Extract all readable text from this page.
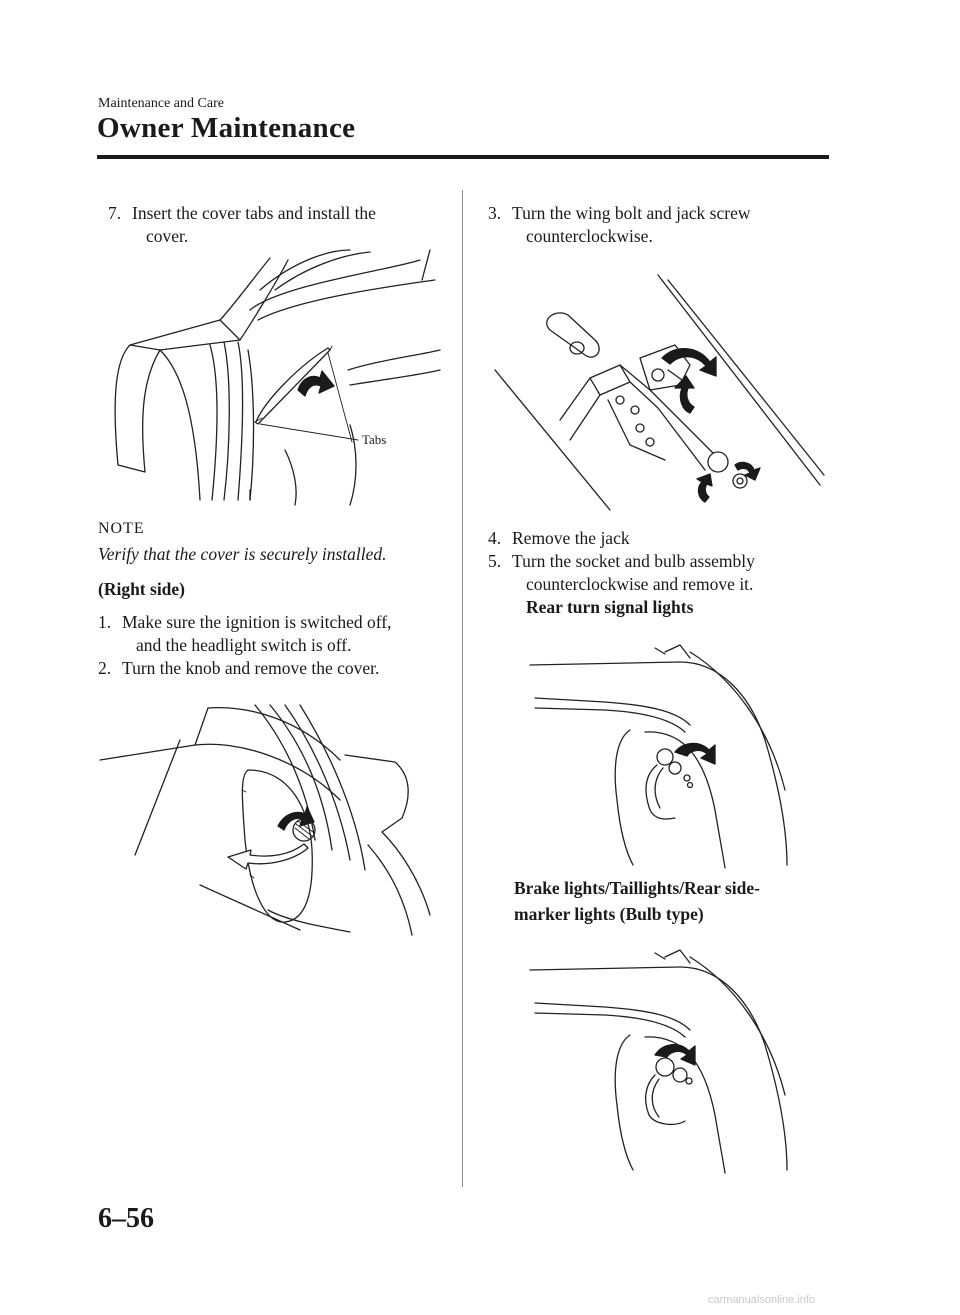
Maintenance and Care
Owner Maintenance
7. Insert the cover tabs and install the
cover.
Tabs
NOTE
Verify that the cover is securely installed.
(Right side)
1. Make sure the ignition is switched off,
and the headlight switch is off.
2. Turn the knob and remove the cover.
3. Turn the wing bolt and jack screw
counterclockwise.
4. Remove the jack
5. Turn the socket and bulb assembly
counterclockwise and remove it.
Rear turn signal lights
Brake lights/Taillights/Rear side-
marker lights (Bulb type)
6–56
carmanualsonline.info
